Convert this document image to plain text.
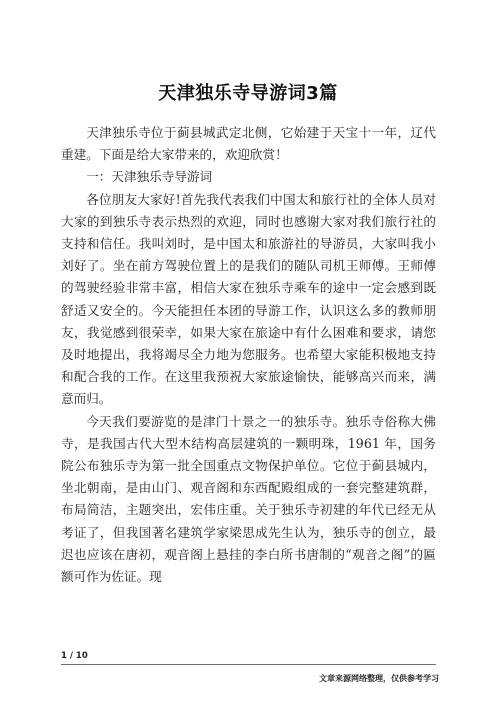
天津独乐寺导游词3篇

天津独乐寺位于蓟县城武定北侧，它始建于天宝十一年，辽代重建。下面是给大家带来的，欢迎欣赏！

一：天津独乐寺导游词

各位朋友大家好!首先我代表我们中国太和旅行社的全体人员对大家的到独乐寺表示热烈的欢迎，同时也感谢大家对我们旅行社的支持和信任。我叫刘时，是中国太和旅游社的导游员，大家叫我小刘好了。坐在前方驾驶位置上的是我们的随队司机王师傅。王师傅的驾驶经验非常丰富，相信大家在独乐寺乘车的途中一定会感到既舒适又安全的。今天能担任本团的导游工作，认识这么多的教师朋友，我觉感到很荣幸，如果大家在旅途中有什么困难和要求，请您及时地提出，我将竭尽全力地为您服务。也希望大家能积极地支持和配合我的工作。在这里我预祝大家旅途愉快，能够高兴而来，满意而归。

今天我们要游览的是津门十景之一的独乐寺。独乐寺俗称大佛寺，是我国古代大型木结构高层建筑的一颗明珠，1961 年，国务院公布独乐寺为第一批全国重点文物保护单位。它位于蓟县城内，坐北朝南，是由山门、观音阁和东西配殿组成的一套完整建筑群，布局简洁，主题突出，宏伟庄重。关于独乐寺初建的年代已经无从考证了，但我国著名建筑学家梁思成先生认为，独乐寺的创立，最迟也应该在唐初，观音阁上悬挂的李白所书唐制的“观音之阁”的匾额可作为佐证。现

1 / 10
文章来源网络整理，仅供参考学习
